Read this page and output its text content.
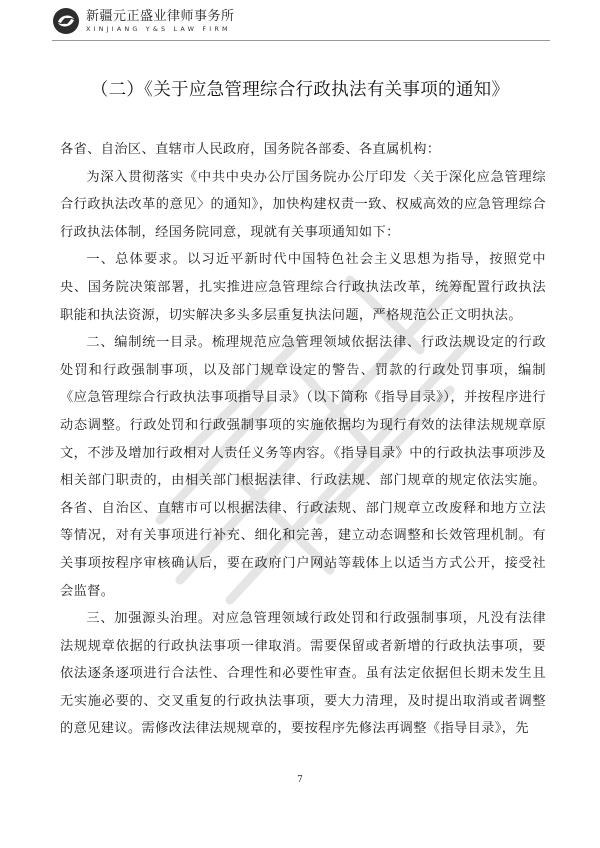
新疆元正盛业律师事务所
XINJIANG Y&S LAW FIRM
（二）《关于应急管理综合行政执法有关事项的通知》

各省、自治区、直辖市人民政府，国务院各部委、各直属机构：

为深入贯彻落实《中共中央办公厅国务院办公厅印发〈关于深化应急管理综合行政执法改革的意见〉的通知》，加快构建权责一致、权威高效的应急管理综合行政执法体制，经国务院同意，现就有关事项通知如下：

一、总体要求。以习近平新时代中国特色社会主义思想为指导，按照党中央、国务院决策部署，扎实推进应急管理综合行政执法改革，统筹配置行政执法职能和执法资源，切实解决多头多层重复执法问题，严格规范公正文明执法。

二、编制统一目录。梳理规范应急管理领域依据法律、行政法规设定的行政处罚和行政强制事项，以及部门规章设定的警告、罚款的行政处罚事项，编制《应急管理综合行政执法事项指导目录》（以下简称《指导目录》），并按程序进行动态调整。行政处罚和行政强制事项的实施依据均为现行有效的法律法规规章原文，不涉及增加行政相对人责任义务等内容。《指导目录》中的行政执法事项涉及相关部门职责的，由相关部门根据法律、行政法规、部门规章的规定依法实施。各省、自治区、直辖市可以根据法律、行政法规、部门规章立改废释和地方立法等情况，对有关事项进行补充、细化和完善，建立动态调整和长效管理机制。有关事项按程序审核确认后，要在政府门户网站等载体上以适当方式公开，接受社会监督。

三、加强源头治理。对应急管理领域行政处罚和行政强制事项，凡没有法律法规规章依据的行政执法事项一律取消。需要保留或者新增的行政执法事项，要依法逐条逐项进行合法性、合理性和必要性审查。虽有法定依据但长期未发生且无实施必要的、交叉重复的行政执法事项，要大力清理，及时提出取消或者调整的意见建议。需修改法律法规规章的，要按程序先修法再调整《指导目录》，先

7
